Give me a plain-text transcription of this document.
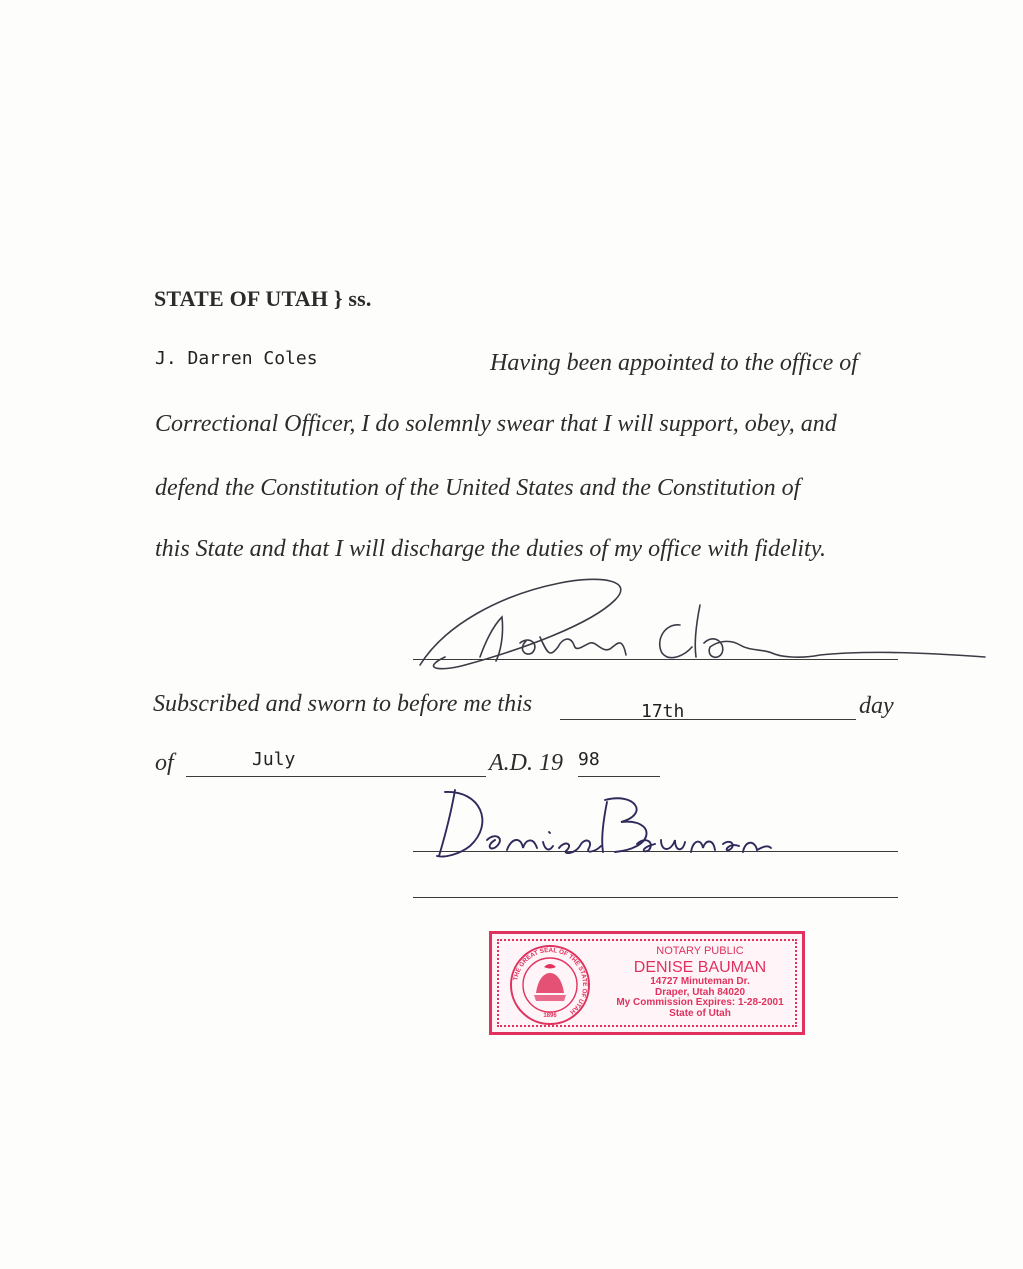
STATE OF UTAH } ss.
J. Darren Coles	Having been appointed to the office of
Correctional Officer, I do solemnly swear that I will support, obey, and
defend the Constitution of the United States and the Constitution of
this State and that I will discharge the duties of my office with fidelity.
Subscribed and sworn to before me this	17th	day
of	July	A.D. 19 98
THE GREAT SEAL OF THE STATE OF UTAH
1896
NOTARY PUBLIC
DENISE BAUMAN
14727 Minuteman Dr.
Draper, Utah 84020
My Commission Expires: 1-28-2001
State of Utah
